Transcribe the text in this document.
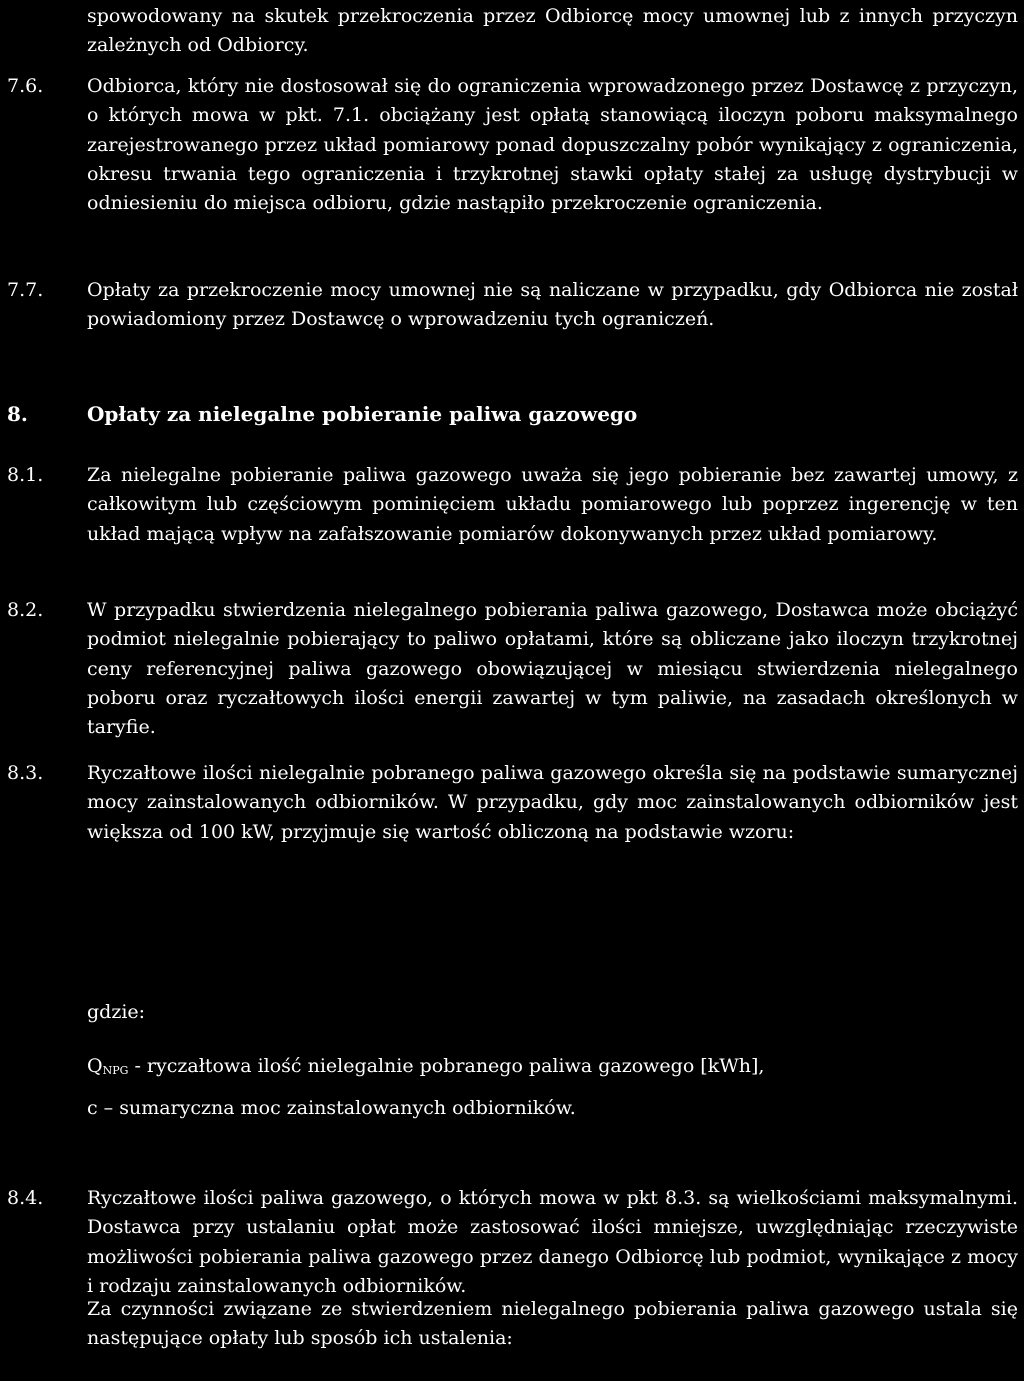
spowodowany na skutek przekroczenia przez Odbiorcę mocy umownej lub z innych przyczyn zależnych od Odbiorcy.
7.6.	Odbiorca, który nie dostosował się do ograniczenia wprowadzonego przez Dostawcę z przyczyn, o których mowa w pkt. 7.1. obciążany jest opłatą stanowiącą iloczyn poboru maksymalnego zarejestrowanego przez układ pomiarowy ponad dopuszczalny pobór wynikający z ograniczenia, okresu trwania tego ograniczenia i trzykrotnej stawki opłaty stałej za usługę dystrybucji w odniesieniu do miejsca odbioru, gdzie nastąpiło przekroczenie ograniczenia.
7.7.	Opłaty za przekroczenie mocy umownej nie są naliczane w przypadku, gdy Odbiorca nie został powiadomiony przez Dostawcę o wprowadzeniu tych ograniczeń.
8.	Opłaty za nielegalne pobieranie paliwa gazowego
8.1.	Za nielegalne pobieranie paliwa gazowego uważa się jego pobieranie bez zawartej umowy, z całkowitym lub częściowym pominięciem układu pomiarowego lub poprzez ingerencję w ten układ mającą wpływ na zafałszowanie pomiarów dokonywanych przez układ pomiarowy.
8.2.	W przypadku stwierdzenia nielegalnego pobierania paliwa gazowego, Dostawca może obciążyć podmiot nielegalnie pobierający to paliwo opłatami, które są obliczane jako iloczyn trzykrotnej ceny referencyjnej paliwa gazowego obowiązującej w miesiącu stwierdzenia nielegalnego poboru oraz ryczałtowych ilości energii zawartej w tym paliwie, na zasadach określonych w taryfie.
8.3.	Ryczałtowe ilości nielegalnie pobranego paliwa gazowego określa się na podstawie sumarycznej mocy zainstalowanych odbiorników. W przypadku, gdy moc zainstalowanych odbiorników jest większa od 100 kW, przyjmuje się wartość obliczoną na podstawie wzoru:
gdzie:
QNPG - ryczałtowa ilość nielegalnie pobranego paliwa gazowego [kWh],
c – sumaryczna moc zainstalowanych odbiorników.
8.4.	Ryczałtowe ilości paliwa gazowego, o których mowa w pkt 8.3. są wielkościami maksymalnymi. Dostawca przy ustalaniu opłat może zastosować ilości mniejsze, uwzględniając rzeczywiste możliwości pobierania paliwa gazowego przez danego Odbiorcę lub podmiot, wynikające z mocy i rodzaju zainstalowanych odbiorników.
Za czynności związane ze stwierdzeniem nielegalnego pobierania paliwa gazowego ustala się następujące opłaty lub sposób ich ustalenia:
